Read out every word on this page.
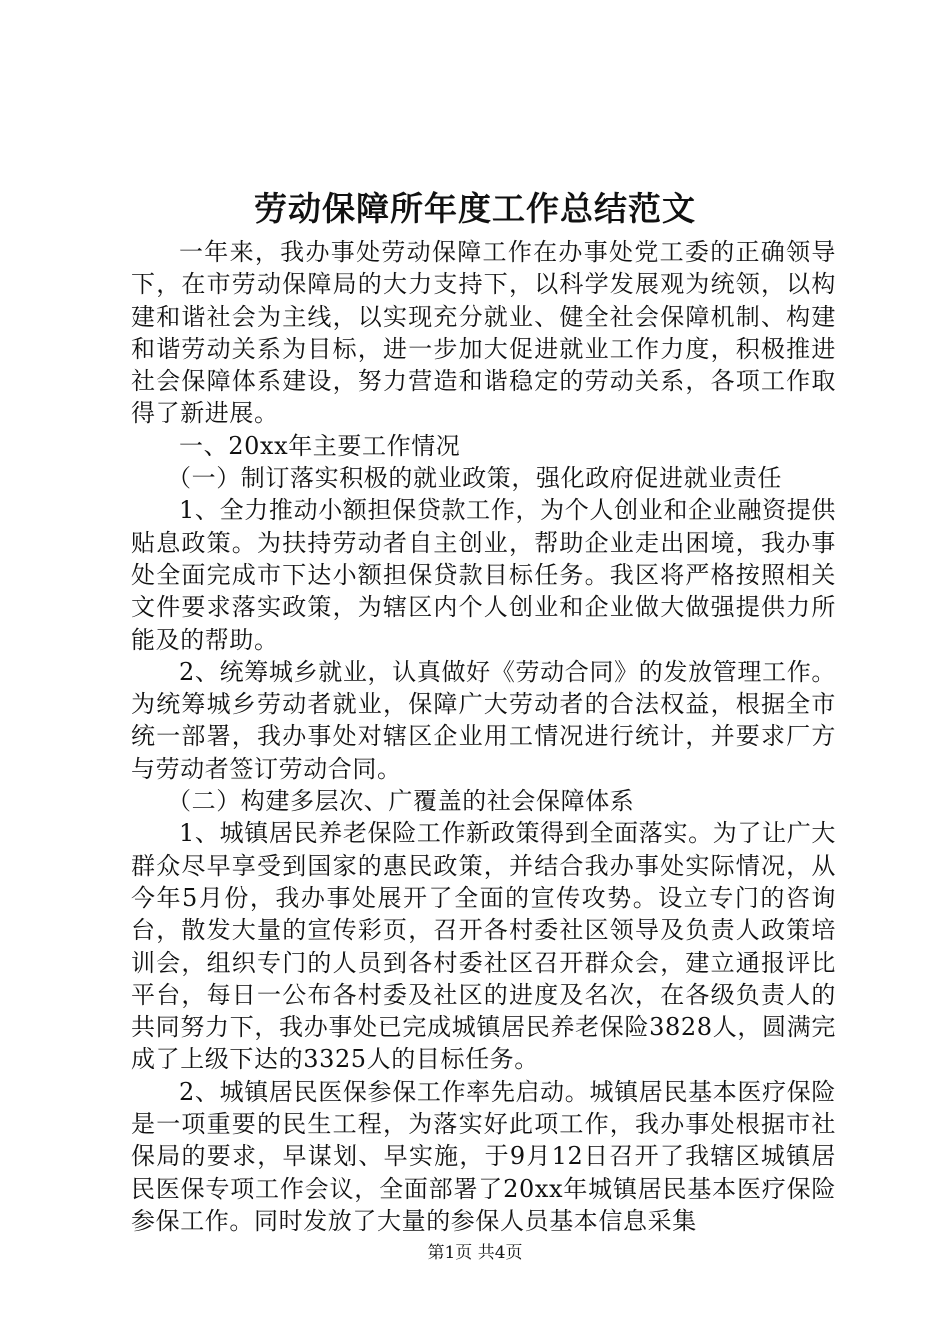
劳动保障所年度工作总结范文

一年来，我办事处劳动保障工作在办事处党工委的正确领导下，在市劳动保障局的大力支持下，以科学发展观为统领，以构建和谐社会为主线，以实现充分就业、健全社会保障机制、构建和谐劳动关系为目标，进一步加大促进就业工作力度，积极推进社会保障体系建设，努力营造和谐稳定的劳动关系，各项工作取得了新进展。

一、20xx年主要工作情况

（一）制订落实积极的就业政策，强化政府促进就业责任

1、全力推动小额担保贷款工作，为个人创业和企业融资提供贴息政策。为扶持劳动者自主创业，帮助企业走出困境，我办事处全面完成市下达小额担保贷款目标任务。我区将严格按照相关文件要求落实政策，为辖区内个人创业和企业做大做强提供力所能及的帮助。

2、统筹城乡就业，认真做好《劳动合同》的发放管理工作。为统筹城乡劳动者就业，保障广大劳动者的合法权益，根据全市统一部署，我办事处对辖区企业用工情况进行统计，并要求厂方与劳动者签订劳动合同。

（二）构建多层次、广覆盖的社会保障体系

1、城镇居民养老保险工作新政策得到全面落实。为了让广大群众尽早享受到国家的惠民政策，并结合我办事处实际情况，从今年5月份，我办事处展开了全面的宣传攻势。设立专门的咨询台，散发大量的宣传彩页，召开各村委社区领导及负责人政策培训会，组织专门的人员到各村委社区召开群众会，建立通报评比平台，每日一公布各村委及社区的进度及名次，在各级负责人的共同努力下，我办事处已完成城镇居民养老保险3828人，圆满完成了上级下达的3325人的目标任务。

2、城镇居民医保参保工作率先启动。城镇居民基本医疗保险是一项重要的民生工程，为落实好此项工作，我办事处根据市社保局的要求，早谋划、早实施，于9月12日召开了我辖区城镇居民医保专项工作会议，全面部署了20xx年城镇居民基本医疗保险参保工作。同时发放了大量的参保人员基本信息采集

第1页 共4页
